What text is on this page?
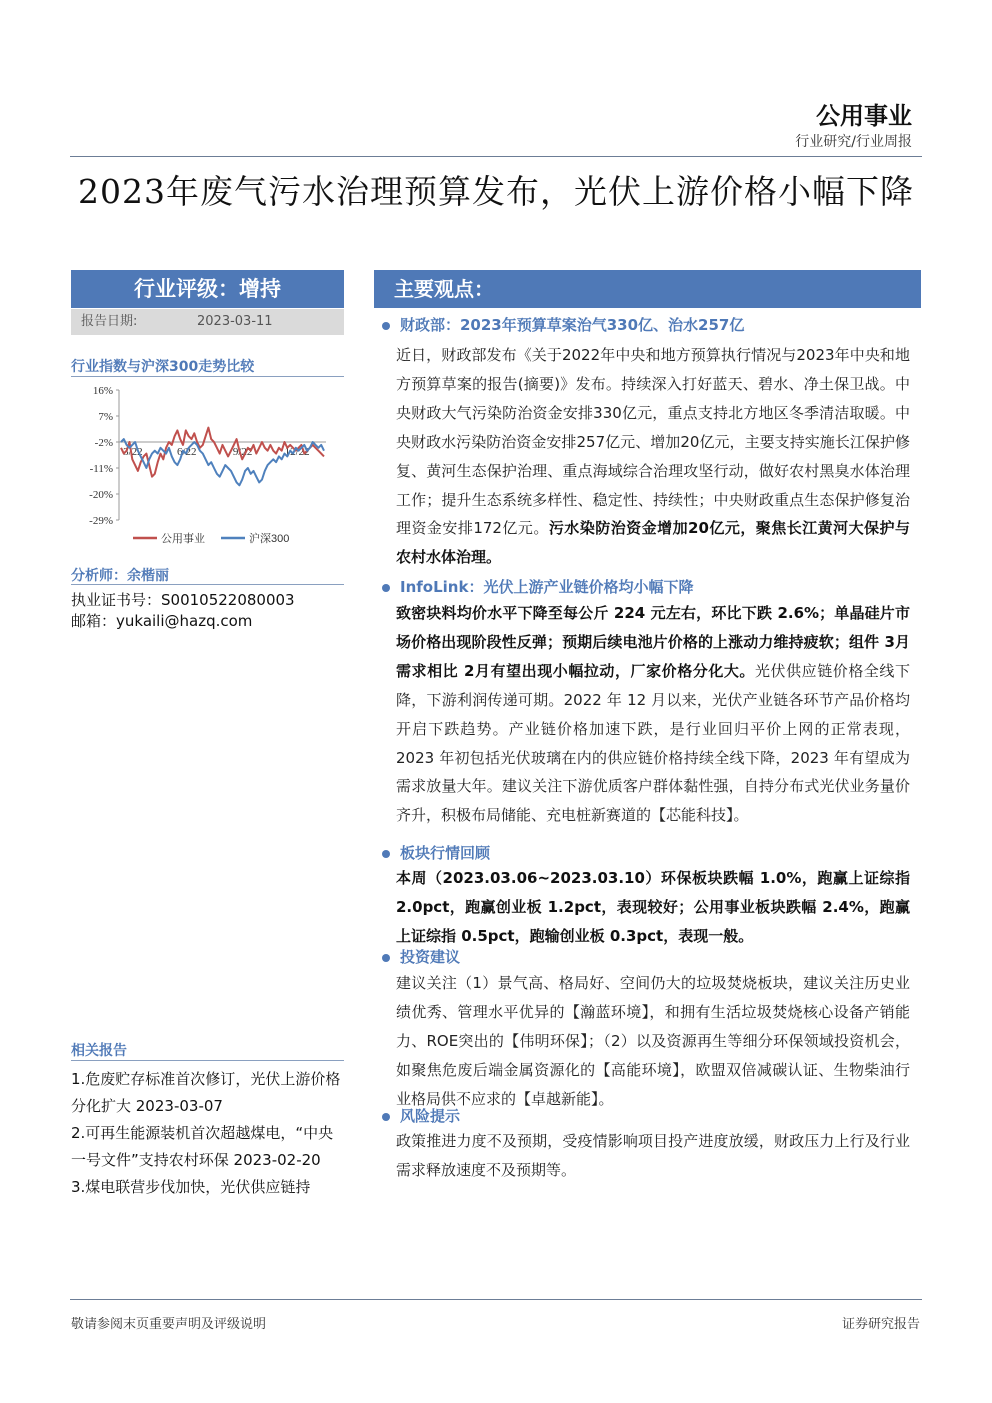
公用事业
行业研究/行业周报
2023年废气污水治理预算发布，光伏上游价格小幅下降
行业评级：增持
报告日期:	2023-03-11
行业指数与沪深300走势比较
16%
7%
-2%
-11%
-20%
-29%
3/22	6/22	9/22	12/22
公用事业	沪深300
分析师：余楷丽
执业证书号：S0010522080003
邮箱：yukaili@hazq.com
相关报告
1.危废贮存标准首次修订，光伏上游价格分化扩大 2023-03-07
2.可再生能源装机首次超越煤电，“中央一号文件”支持农村环保 2023-02-20
3.煤电联营步伐加快，光伏供应链持
主要观点：
财政部：2023年预算草案治气330亿、治水257亿
近日，财政部发布《关于2022年中央和地方预算执行情况与2023年中央和地方预算草案的报告(摘要)》发布。持续深入打好蓝天、碧水、净土保卫战。中央财政大气污染防治资金安排330亿元，重点支持北方地区冬季清洁取暖。中央财政水污染防治资金安排257亿元、增加20亿元，主要支持实施长江保护修复、黄河生态保护治理、重点海域综合治理攻坚行动，做好农村黑臭水体治理工作；提升生态系统多样性、稳定性、持续性；中央财政重点生态保护修复治理资金安排172亿元。污水染防治资金增加20亿元，聚焦长江黄河大保护与农村水体治理。
InfoLink：光伏上游产业链价格均小幅下降
致密块料均价水平下降至每公斤 224 元左右，环比下跌 2.6%；单晶硅片市场价格出现阶段性反弹；预期后续电池片价格的上涨动力维持疲软；组件 3月需求相比 2月有望出现小幅拉动，厂家价格分化大。光伏供应链价格全线下降，下游利润传递可期。2022 年 12 月以来，光伏产业链各环节产品价格均开启下跌趋势。产业链价格加速下跌，是行业回归平价上网的正常表现，2023 年初包括光伏玻璃在内的供应链价格持续全线下降，2023 年有望成为需求放量大年。建议关注下游优质客户群体黏性强，自持分布式光伏业务量价齐升，积极布局储能、充电桩新赛道的【芯能科技】。
板块行情回顾
本周（2023.03.06~2023.03.10）环保板块跌幅 1.0%，跑赢上证综指 2.0pct，跑赢创业板 1.2pct，表现较好；公用事业板块跌幅 2.4%，跑赢上证综指 0.5pct，跑输创业板 0.3pct，表现一般。
投资建议
建议关注（1）景气高、格局好、空间仍大的垃圾焚烧板块，建议关注历史业绩优秀、管理水平优异的【瀚蓝环境】，和拥有生活垃圾焚烧核心设备产销能力、ROE突出的【伟明环保】；（2）以及资源再生等细分环保领域投资机会，如聚焦危废后端金属资源化的【高能环境】，欧盟双倍减碳认证、生物柴油行业格局供不应求的【卓越新能】。
风险提示
政策推进力度不及预期，受疫情影响项目投产进度放缓，财政压力上行及行业需求释放速度不及预期等。
敬请参阅末页重要声明及评级说明	证券研究报告
